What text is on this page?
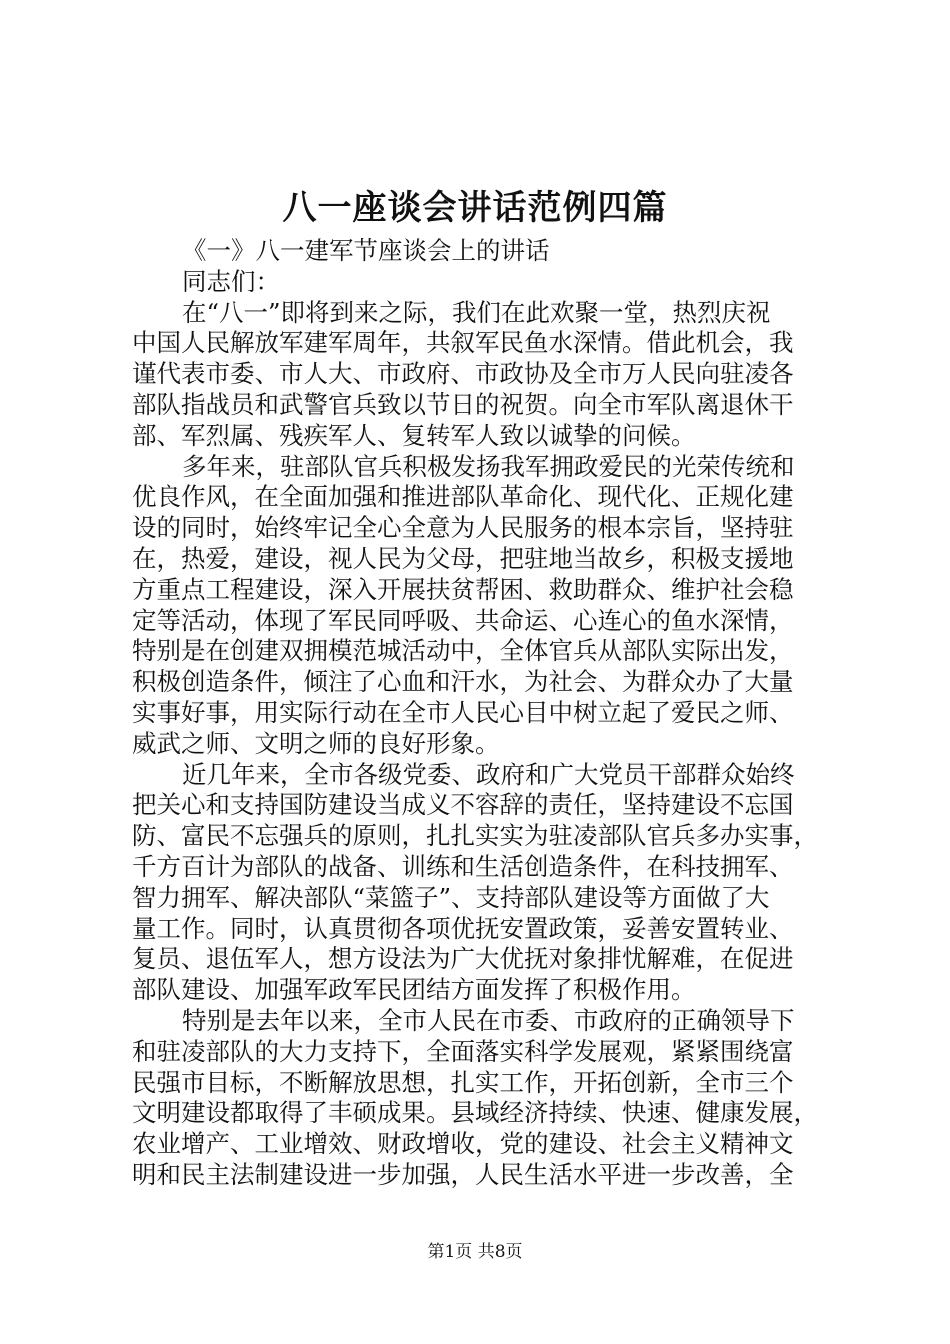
八一座谈会讲话范例四篇

《一》八一建军节座谈会上的讲话

同志们：

在“八一”即将到来之际，我们在此欢聚一堂，热烈庆祝

中国人民解放军建军周年，共叙军民鱼水深情。借此机会，我

谨代表市委、市人大、市政府、市政协及全市万人民向驻凌各

部队指战员和武警官兵致以节日的祝贺。向全市军队离退休干

部、军烈属、残疾军人、复转军人致以诚挚的问候。

多年来，驻部队官兵积极发扬我军拥政爱民的光荣传统和

优良作风，在全面加强和推进部队革命化、现代化、正规化建

设的同时，始终牢记全心全意为人民服务的根本宗旨，坚持驻

在，热爱，建设，视人民为父母，把驻地当故乡，积极支援地

方重点工程建设，深入开展扶贫帮困、救助群众、维护社会稳

定等活动，体现了军民同呼吸、共命运、心连心的鱼水深情，

特别是在创建双拥模范城活动中，全体官兵从部队实际出发，

积极创造条件，倾注了心血和汗水，为社会、为群众办了大量

实事好事，用实际行动在全市人民心目中树立起了爱民之师、

威武之师、文明之师的良好形象。

近几年来，全市各级党委、政府和广大党员干部群众始终

把关心和支持国防建设当成义不容辞的责任，坚持建设不忘国

防、富民不忘强兵的原则，扎扎实实为驻凌部队官兵多办实事，

千方百计为部队的战备、训练和生活创造条件，在科技拥军、

智力拥军、解决部队“菜篮子”、支持部队建设等方面做了大

量工作。同时，认真贯彻各项优抚安置政策，妥善安置转业、

复员、退伍军人，想方设法为广大优抚对象排忧解难，在促进

部队建设、加强军政军民团结方面发挥了积极作用。

特别是去年以来，全市人民在市委、市政府的正确领导下

和驻凌部队的大力支持下，全面落实科学发展观，紧紧围绕富

民强市目标，不断解放思想，扎实工作，开拓创新，全市三个

文明建设都取得了丰硕成果。县域经济持续、快速、健康发展，

农业增产、工业增效、财政增收，党的建设、社会主义精神文

明和民主法制建设进一步加强，人民生活水平进一步改善，全

第1页 共8页
